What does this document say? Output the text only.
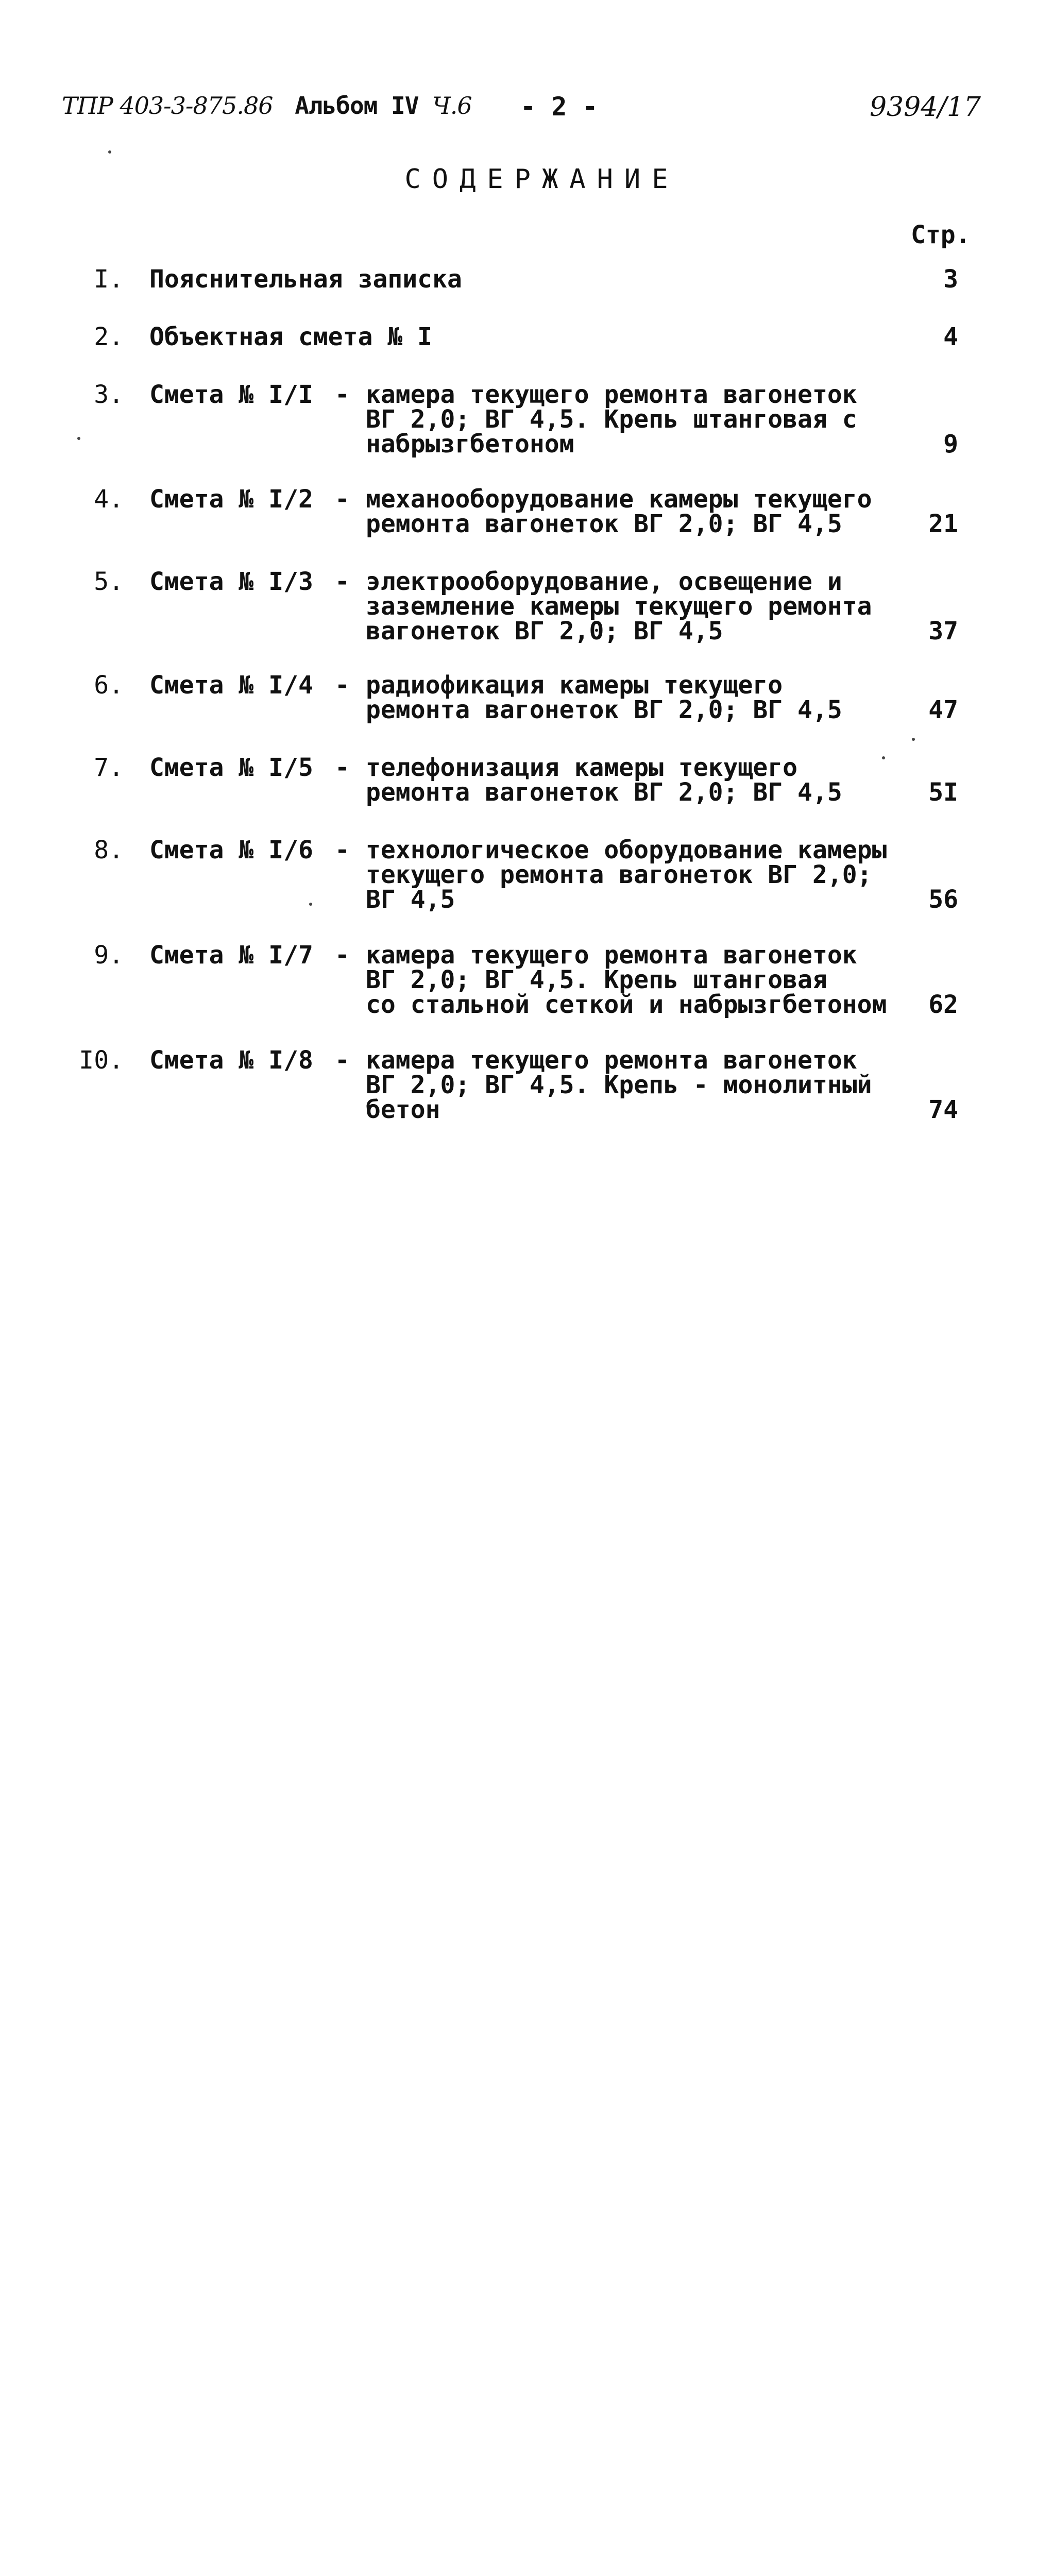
ТПР 403-3-875.86 Альбом IV Ч.6 - 2 -	9394/17
СОДЕРЖАНИЕ
Стр.
I. Пояснительная записка	3
2. Объектная смета № I	4
3. Смета № I/I - камера текущего ремонта вагонеток
ВГ 2,0; ВГ 4,5. Крепь штанговая с
набрызгбетоном	9
4. Смета № I/2 - механооборудование камеры текущего
ремонта вагонеток ВГ 2,0; ВГ 4,5	21
5. Смета № I/3 - электрооборудование, освещение и
заземление камеры текущего ремонта
вагонеток ВГ 2,0; ВГ 4,5	37
6. Смета № I/4 - радиофикация камеры текущего
ремонта вагонеток ВГ 2,0; ВГ 4,5	47
7. Смета № I/5 - телефонизация камеры текущего
ремонта вагонеток ВГ 2,0; ВГ 4,5	5I
8. Смета № I/6 - технологическое оборудование камеры
текущего ремонта вагонеток ВГ 2,0;
ВГ 4,5	56
9. Смета № I/7 - камера текущего ремонта вагонеток
ВГ 2,0; ВГ 4,5. Крепь штанговая
со стальной сеткой и набрызгбетоном	62
I0. Смета № I/8 - камера текущего ремонта вагонеток
ВГ 2,0; ВГ 4,5. Крепь - монолитный
бетон	74
